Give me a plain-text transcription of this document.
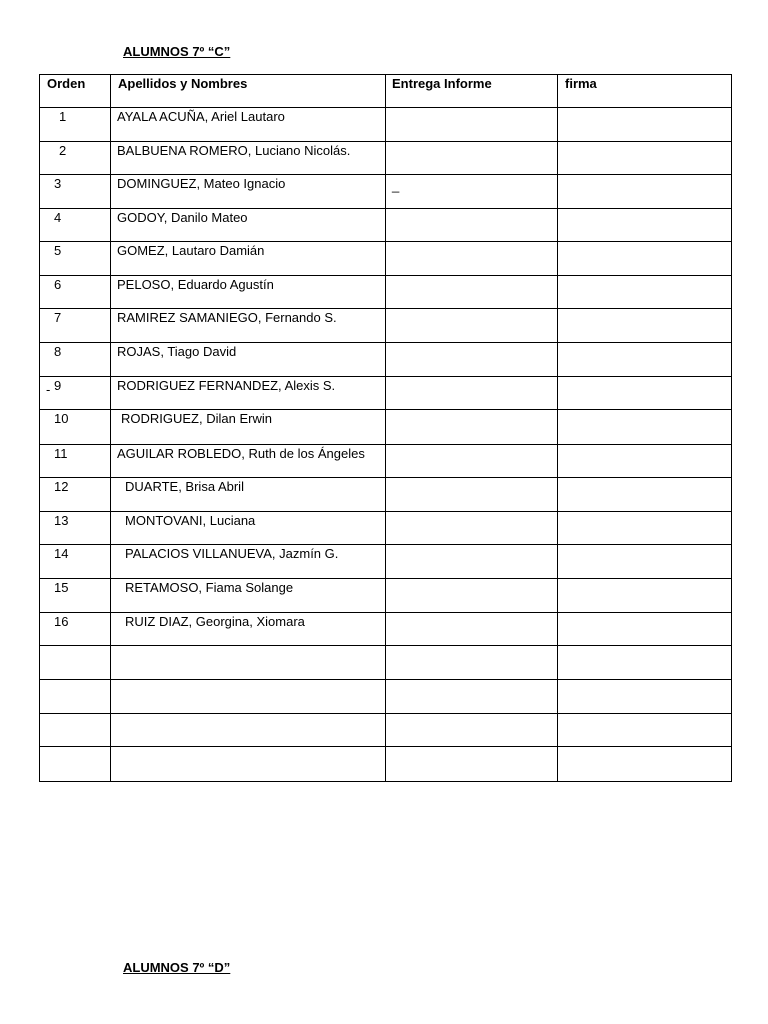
ALUMNOS 7º “C”
Orden	Apellidos y Nombres	Entrega Informe	firma

1	AYALA ACUÑA, Ariel Lautaro		

2	BALBUENA ROMERO, Luciano Nicolás.		

3	DOMINGUEZ, Mateo Ignacio	_	

4	GODOY, Danilo Mateo		

5	GOMEZ, Lautaro Damián		

6	PELOSO, Eduardo Agustín		

7	RAMIREZ SAMANIEGO, Fernando S.		

8	ROJAS, Tiago David		

- 9	RODRIGUEZ FERNANDEZ, Alexis S.		

10	RODRIGUEZ, Dilan Erwin		

11	AGUILAR ROBLEDO, Ruth de los Ángeles		

12	DUARTE, Brisa Abril		

13	MONTOVANI, Luciana		

14	PALACIOS VILLANUEVA, Jazmín G.		

15	RETAMOSO, Fiama Solange		

16	RUIZ DIAZ, Georgina, Xiomara		

ALUMNOS 7º “D”
